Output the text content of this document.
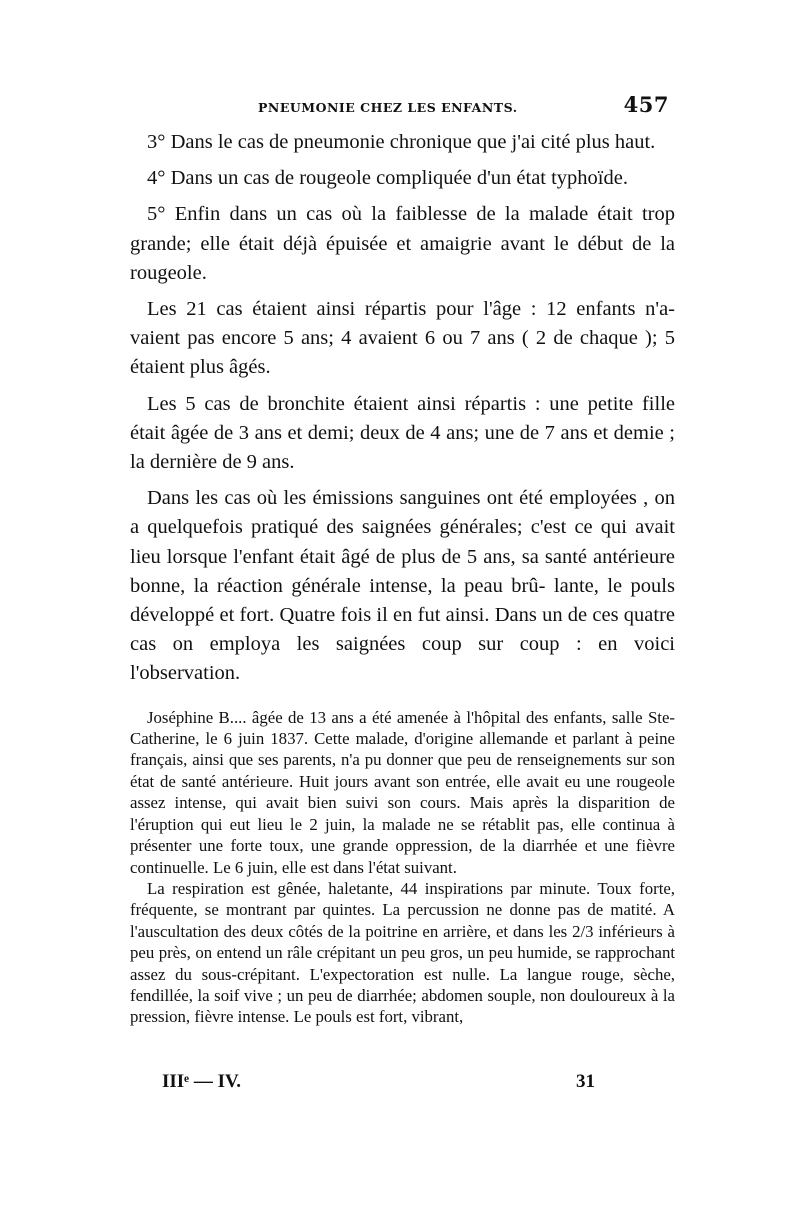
PNEUMONIE CHEZ LES ENFANTS.	457

3° Dans le cas de pneumonie chronique que j'ai cité plus haut.

4° Dans un cas de rougeole compliquée d'un état typhoïde.

5° Enfin dans un cas où la faiblesse de la malade était trop grande; elle était déjà épuisée et amaigrie avant le début de la rougeole.

Les 21 cas étaient ainsi répartis pour l'âge : 12 enfants n'a- vaient pas encore 5 ans; 4 avaient 6 ou 7 ans ( 2 de chaque ); 5 étaient plus âgés.

Les 5 cas de bronchite étaient ainsi répartis : une petite fille était âgée de 3 ans et demi; deux de 4 ans; une de 7 ans et demie ; la dernière de 9 ans.

Dans les cas où les émissions sanguines ont été employées , on a quelquefois pratiqué des saignées générales; c'est ce qui avait lieu lorsque l'enfant était âgé de plus de 5 ans, sa santé antérieure bonne, la réaction générale intense, la peau brû- lante, le pouls développé et fort. Quatre fois il en fut ainsi. Dans un de ces quatre cas on employa les saignées coup sur coup : en voici l'observation.

Joséphine B.... âgée de 13 ans a été amenée à l'hôpital des enfants, salle Ste-Catherine, le 6 juin 1837. Cette malade, d'origine allemande et parlant à peine français, ainsi que ses parents, n'a pu donner que peu de renseignements sur son état de santé antérieure. Huit jours avant son entrée, elle avait eu une rougeole assez intense, qui avait bien suivi son cours. Mais après la disparition de l'éruption qui eut lieu le 2 juin, la malade ne se rétablit pas, elle continua à présenter une forte toux, une grande oppression, de la diarrhée et une fièvre continuelle. Le 6 juin, elle est dans l'état suivant.

La respiration est gênée, haletante, 44 inspirations par minute. Toux forte, fréquente, se montrant par quintes. La percussion ne donne pas de matité. A l'auscultation des deux côtés de la poitrine en arrière, et dans les 2/3 inférieurs à peu près, on entend un râle crépitant un peu gros, un peu humide, se rapprochant assez du sous-crépitant. L'expectoration est nulle. La langue rouge, sèche, fendillée, la soif vive ; un peu de diarrhée; abdomen souple, non douloureux à la pression, fièvre intense. Le pouls est fort, vibrant,

IIIᵉ — IV.	31
